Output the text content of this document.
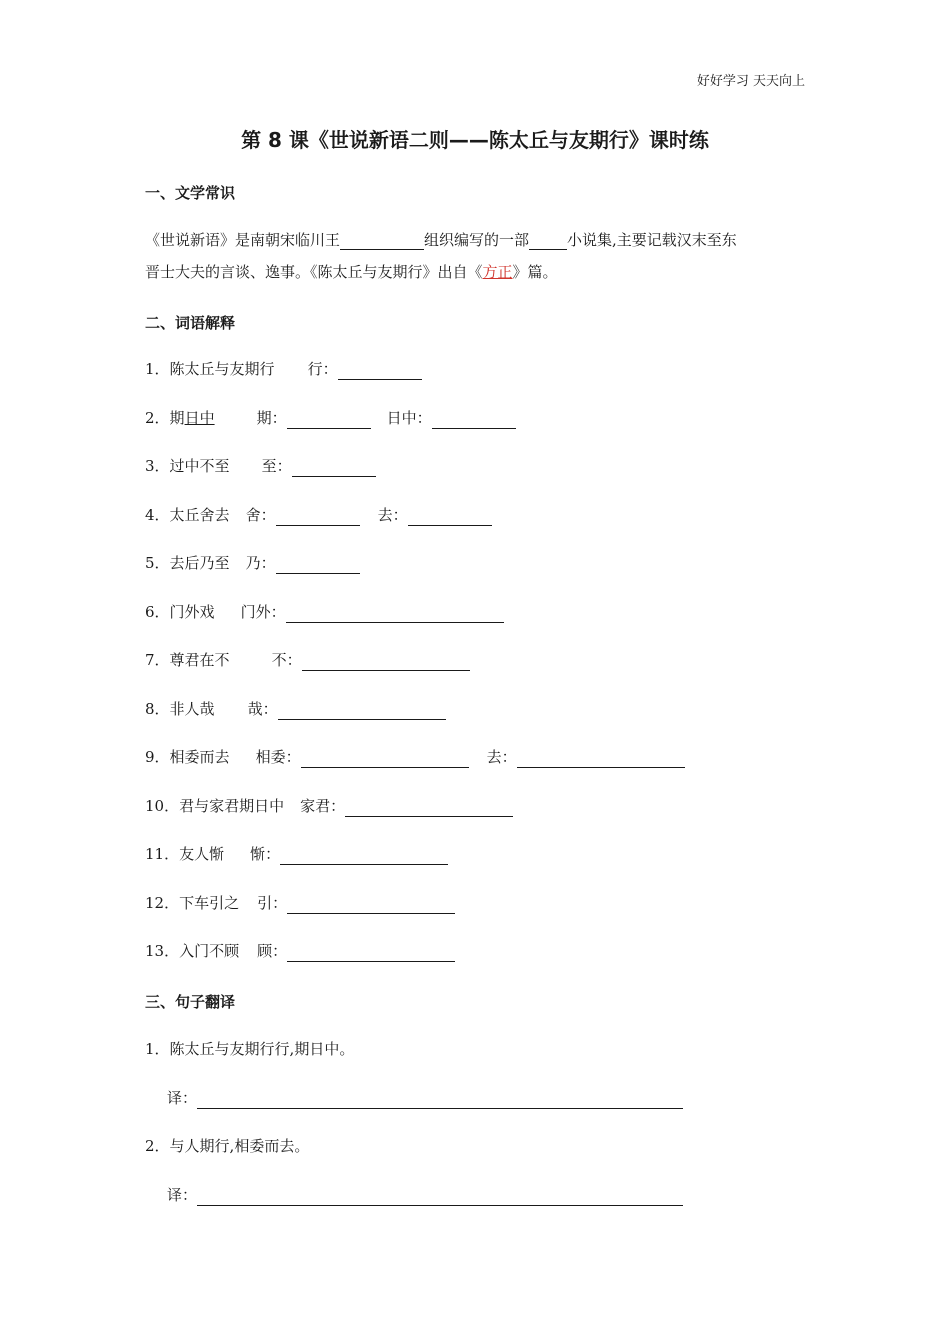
好好学习 天天向上
第 8 课《世说新语二则——陈太丘与友期行》课时练
一、文学常识
《世说新语》是南朝宋临川王	组织编写的一部	小说集,主要记载汉末至东
晋士大夫的言谈、逸事。《陈太丘与友期行》出自《方正》篇。
二、词语解释
1．陈太丘与友期行 行：
2．期日中	期：	日中：
3．过中不至 至：
4．太丘舍去 舍：	去：
5．去后乃至 乃：
6．门外戏 门外：
7．尊君在不	不：
8．非人哉 哉：
9．相委而去 相委：	去：
10．君与家君期日中 家君：
11．友人惭 惭：
12．下车引之 引：
13．入门不顾 顾：
三、句子翻译
1．陈太丘与友期行行,期日中。
译：
2．与人期行,相委而去。
译：
